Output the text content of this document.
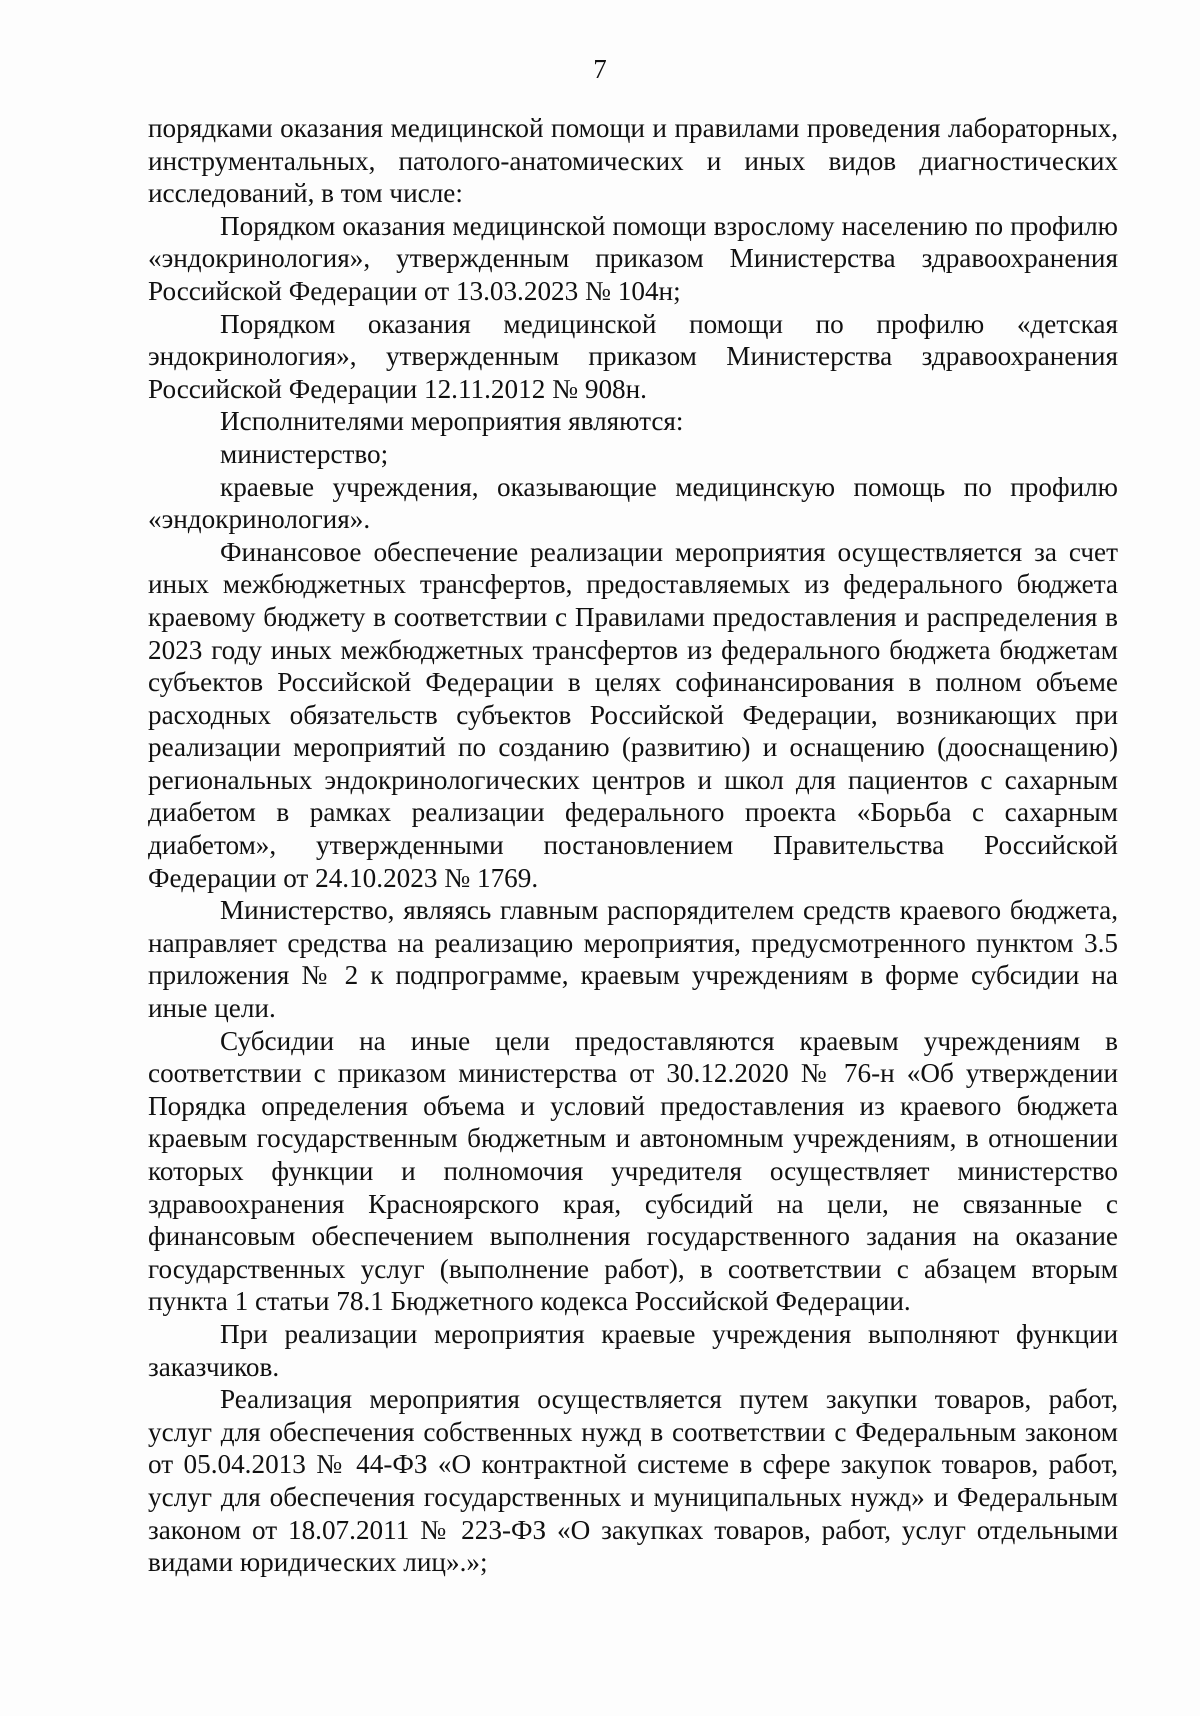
7

порядками оказания медицинской помощи и правилами проведения лабораторных, инструментальных, патолого-анатомических и иных видов диагностических исследований, в том числе:

Порядком оказания медицинской помощи взрослому населению по профилю «эндокринология», утвержденным приказом Министерства здравоохранения Российской Федерации от 13.03.2023 № 104н;

Порядком оказания медицинской помощи по профилю «детская эндокринология», утвержденным приказом Министерства здравоохранения Российской Федерации 12.11.2012 № 908н.

Исполнителями мероприятия являются:

министерство;

краевые учреждения, оказывающие медицинскую помощь по профилю «эндокринология».

Финансовое обеспечение реализации мероприятия осуществляется за счет иных межбюджетных трансфертов, предоставляемых из федерального бюджета краевому бюджету в соответствии с Правилами предоставления и распределения в 2023 году иных межбюджетных трансфертов из федерального бюджета бюджетам субъектов Российской Федерации в целях софинансирования в полном объеме расходных обязательств субъектов Российской Федерации, возникающих при реализации мероприятий по созданию (развитию) и оснащению (дооснащению) региональных эндокринологических центров и школ для пациентов с сахарным диабетом в рамках реализации федерального проекта «Борьба с сахарным диабетом», утвержденными постановлением Правительства Российской Федерации от 24.10.2023 № 1769.

Министерство, являясь главным распорядителем средств краевого бюджета, направляет средства на реализацию мероприятия, предусмотренного пунктом 3.5 приложения № 2 к подпрограмме, краевым учреждениям в форме субсидии на иные цели.

Субсидии на иные цели предоставляются краевым учреждениям в соответствии с приказом министерства от 30.12.2020 № 76-н «Об утверждении Порядка определения объема и условий предоставления из краевого бюджета краевым государственным бюджетным и автономным учреждениям, в отношении которых функции и полномочия учредителя осуществляет министерство здравоохранения Красноярского края, субсидий на цели, не связанные с финансовым обеспечением выполнения государственного задания на оказание государственных услуг (выполнение работ), в соответствии с абзацем вторым пункта 1 статьи 78.1 Бюджетного кодекса Российской Федерации.

При реализации мероприятия краевые учреждения выполняют функции заказчиков.

Реализация мероприятия осуществляется путем закупки товаров, работ, услуг для обеспечения собственных нужд в соответствии с Федеральным законом от 05.04.2013 № 44-ФЗ «О контрактной системе в сфере закупок товаров, работ, услуг для обеспечения государственных и муниципальных нужд» и Федеральным законом от 18.07.2011 № 223-ФЗ «О закупках товаров, работ, услуг отдельными видами юридических лиц».»;
